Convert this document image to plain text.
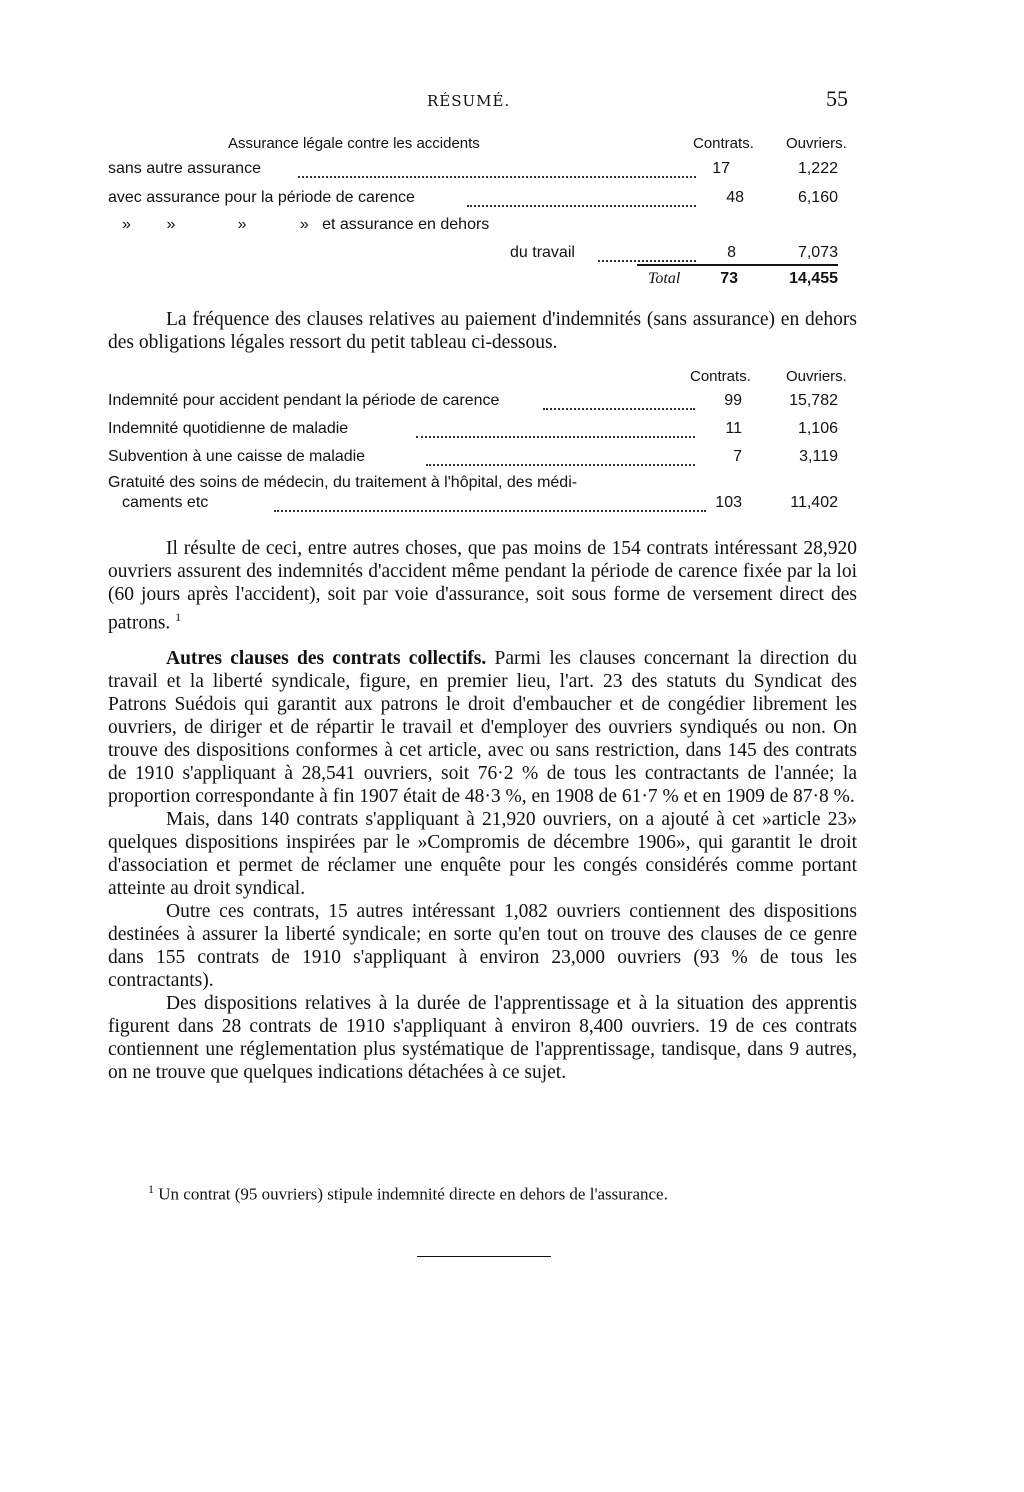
RÉSUMÉ.	55
Assurance légale contre les accidents	Contrats. Ouvriers.
sans autre assurance	17	1,222
avec assurance pour la période de carence	48	6,160
»        »              »            »   et assurance en dehors
du travail	8	7,073
Total	73	14,455

La fréquence des clauses relatives au paiement d'indemnités (sans assurance) en dehors des obligations légales ressort du petit tableau ci-dessous.

Contrats. Ouvriers.
Indemnité pour accident pendant la période de carence	99	15,782
Indemnité quotidienne de maladie	11	1,106
Subvention à une caisse de maladie	7	3,119
Gratuité des soins de médecin, du traitement à l'hôpital, des médi-
caments etc	103	11,402

Il résulte de ceci, entre autres choses, que pas moins de 154 contrats intéressant 28,920 ouvriers assurent des indemnités d'accident même pendant la période de carence fixée par la loi (60 jours après l'accident), soit par voie d'assurance, soit sous forme de versement direct des patrons. $^1$

Autres clauses des contrats collectifs. Parmi les clauses concernant la direction du travail et la liberté syndicale, figure, en premier lieu, l'art. 23 des statuts du Syndicat des Patrons Suédois qui garantit aux patrons le droit d'embaucher et de congédier librement les ouvriers, de diriger et de répartir le travail et d'employer des ouvriers syndiqués ou non. On trouve des dispositions conformes à cet article, avec ou sans restriction, dans 145 des contrats de 1910 s'appliquant à 28,541 ouvriers, soit 76·2 % de tous les contractants de l'année; la proportion correspondante à fin 1907 était de 48·3 %, en 1908 de 61·7 % et en 1909 de 87·8 %.

Mais, dans 140 contrats s'appliquant à 21,920 ouvriers, on a ajouté à cet »article 23» quelques dispositions inspirées par le »Compromis de décembre 1906», qui garantit le droit d'association et permet de réclamer une enquête pour les congés considérés comme portant atteinte au droit syndical.

Outre ces contrats, 15 autres intéressant 1,082 ouvriers contiennent des dispositions destinées à assurer la liberté syndicale; en sorte qu'en tout on trouve des clauses de ce genre dans 155 contrats de 1910 s'appliquant à environ 23,000 ouvriers (93 % de tous les contractants).

Des dispositions relatives à la durée de l'apprentissage et à la situation des apprentis figurent dans 28 contrats de 1910 s'appliquant à environ 8,400 ouvriers. 19 de ces contrats contiennent une réglementation plus systématique de l'apprentissage, tandisque, dans 9 autres, on ne trouve que quelques indications détachées à ce sujet.

$^1$ Un contrat (95 ouvriers) stipule indemnité directe en dehors de l'assurance.
